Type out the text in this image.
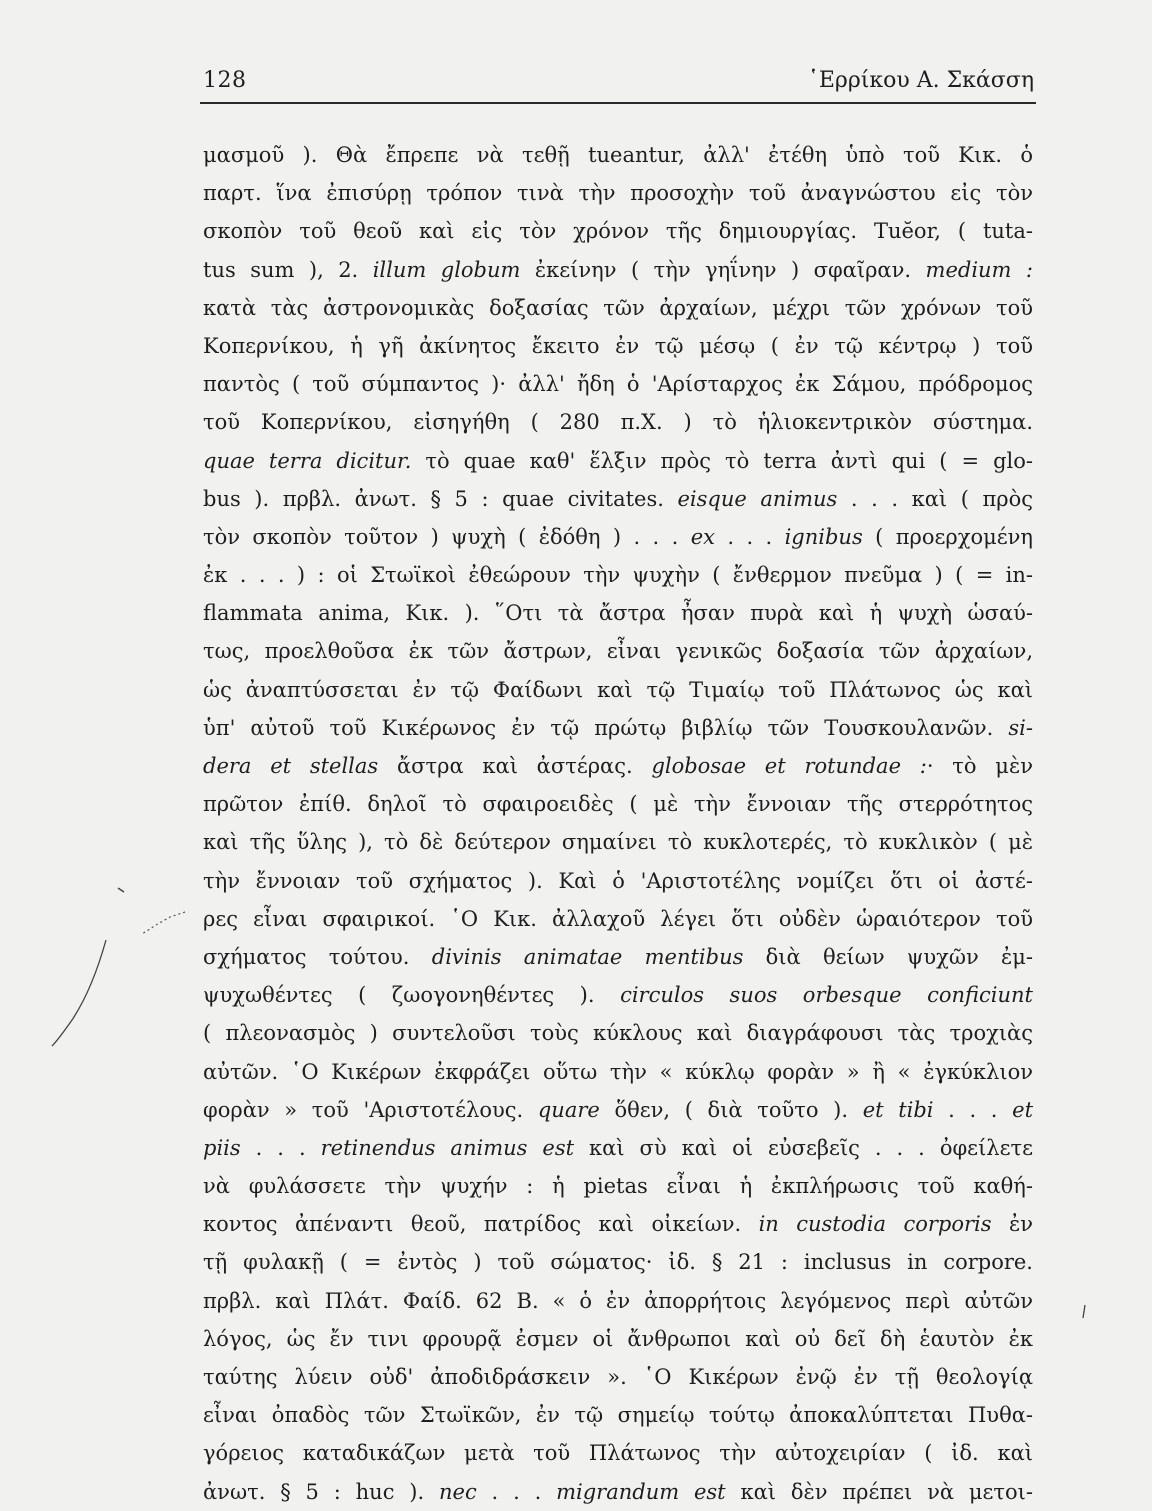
128	῾Ερρίκου Α. Σκάσση
μασμοῦ ). Θὰ ἔπρεπε νὰ τεθῇ tueantur, ἀλλ' ἐτέθη ὑπὸ τοῦ Κικ. ὁ
παρτ. ἵνα ἐπισύρῃ τρόπον τινὰ τὴν προσοχὴν τοῦ ἀναγνώστου εἰς τὸν
σκοπὸν τοῦ θεοῦ καὶ εἰς τὸν χρόνον τῆς δημιουργίας. Tuĕor, ( tuta-
tus sum ), 2. illum globum ἐκείνην ( τὴν γηΐνην ) σφαῖραν. medium :
κατὰ τὰς ἀστρονομικὰς δοξασίας τῶν ἀρχαίων, μέχρι τῶν χρόνων τοῦ
Κοπερνίκου, ἡ γῆ ἀκίνητος ἔκειτο ἐν τῷ μέσῳ ( ἐν τῷ κέντρῳ ) τοῦ
παντὸς ( τοῦ σύμπαντος )· ἀλλ' ἤδη ὁ 'Αρίσταρχος ἐκ Σάμου, πρόδρομος
τοῦ Κοπερνίκου, εἰσηγήθη ( 280 π.Χ. ) τὸ ἡλιοκεντρικὸν σύστημα.
quae terra dicitur. τὸ quae καθ' ἕλξιν πρὸς τὸ terra ἀντὶ qui ( = glo-
bus ). πρβλ. ἀνωτ. § 5 : quae civitates. eisque animus . . . καὶ ( πρὸς
τὸν σκοπὸν τοῦτον ) ψυχὴ ( ἐδόθη ) . . . ex . . . ignibus ( προερχομένη
ἐκ . . . ) : οἱ Στωϊκοὶ ἐθεώρουν τὴν ψυχὴν ( ἔνθερμον πνεῦμα ) ( = in-
flammata anima, Κικ. ). ῞Οτι τὰ ἄστρα ἦσαν πυρὰ καὶ ἡ ψυχὴ ὡσαύ-
τως, προελθοῦσα ἐκ τῶν ἄστρων, εἶναι γενικῶς δοξασία τῶν ἀρχαίων,
ὡς ἀναπτύσσεται ἐν τῷ Φαίδωνι καὶ τῷ Τιμαίῳ τοῦ Πλάτωνος ὡς καὶ
ὑπ' αὐτοῦ τοῦ Κικέρωνος ἐν τῷ πρώτῳ βιβλίῳ τῶν Τουσκουλανῶν. si-
dera et stellas ἄστρα καὶ ἀστέρας. globosae et rotundae :· τὸ μὲν
πρῶτον ἐπίθ. δηλοῖ τὸ σφαιροειδὲς ( μὲ τὴν ἔννοιαν τῆς στερρότητος
καὶ τῆς ὕλης ), τὸ δὲ δεύτερον σημαίνει τὸ κυκλοτερές, τὸ κυκλικὸν ( μὲ
τὴν ἔννοιαν τοῦ σχήματος ). Καὶ ὁ 'Αριστοτέλης νομίζει ὅτι οἱ ἀστέ-
ρες εἶναι σφαιρικοί. ῾Ο Κικ. ἀλλαχοῦ λέγει ὅτι οὐδὲν ὡραιότερον τοῦ
σχήματος τούτου. divinis animatae mentibus διὰ θείων ψυχῶν ἐμ-
ψυχωθέντες ( ζωογονηθέντες ). circulos suos orbesque conficiunt
( πλεονασμὸς ) συντελοῦσι τοὺς κύκλους καὶ διαγράφουσι τὰς τροχιὰς
αὐτῶν. ῾Ο Κικέρων ἐκφράζει οὕτω τὴν « κύκλῳ φορὰν » ἢ « ἐγκύκλιον
φορὰν » τοῦ 'Αριστοτέλους. quare ὅθεν, ( διὰ τοῦτο ). et tibi . . . et
piis . . . retinendus animus est καὶ σὺ καὶ οἱ εὐσεβεῖς . . . ὀφείλετε
νὰ φυλάσσετε τὴν ψυχήν : ἡ pietas εἶναι ἡ ἐκπλήρωσις τοῦ καθή-
κοντος ἀπέναντι θεοῦ, πατρίδος καὶ οἰκείων. in custodia corporis ἐν
τῇ φυλακῇ ( = ἐντὸς ) τοῦ σώματος· ἰδ. § 21 : inclusus in corpore.
πρβλ. καὶ Πλάτ. Φαίδ. 62 Β. « ὁ ἐν ἀπορρήτοις λεγόμενος περὶ αὐτῶν
λόγος, ὡς ἔν τινι φρουρᾷ ἐσμεν οἱ ἄνθρωποι καὶ οὐ δεῖ δὴ ἑαυτὸν ἐκ
ταύτης λύειν οὐδ' ἀποδιδράσκειν ». ῾Ο Κικέρων ἐνῷ ἐν τῇ θεολογίᾳ
εἶναι ὀπαδὸς τῶν Στωϊκῶν, ἐν τῷ σημείῳ τούτῳ ἀποκαλύπτεται Πυθα-
γόρειος καταδικάζων μετὰ τοῦ Πλάτωνος τὴν αὐτοχειρίαν ( ἰδ. καὶ
ἀνωτ. § 5 : huc ). nec . . . migrandum est καὶ δὲν πρέπει νὰ μετοι-
